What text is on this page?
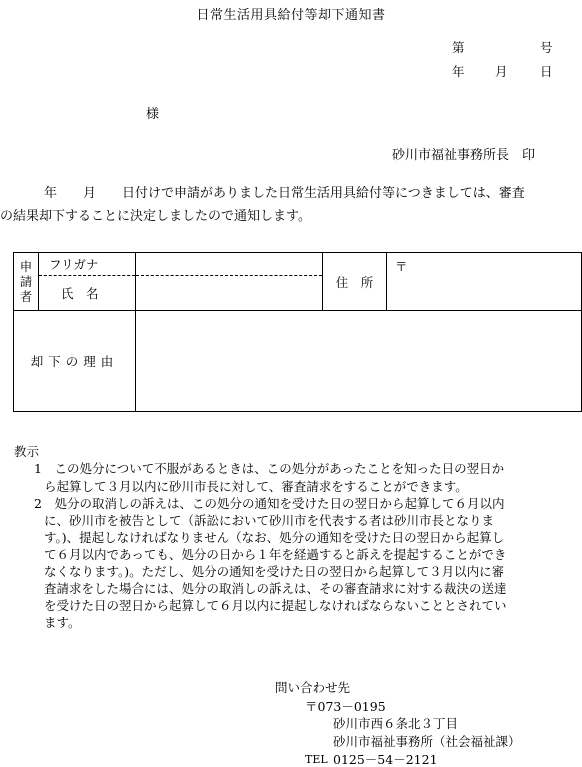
日常生活用具給付等却下通知書
第	号
年 月	日
様
砂川市福祉事務所長　印
年 月 日付けで申請がありました日常生活用具給付等につきましては、審査
の結果却下することに決定しましたので通知します。
申請者	フリガナ		住　所	〒
	氏　名			
却下の理由				
教示
1　 この処分について不服があるときは、この処分があったことを知った日の翌日か
ら起算して３月以内に砂川市長に対して、審査請求をすることができます。
2　 処分の取消しの訴えは、この処分の通知を受けた日の翌日から起算して６月以内
に、砂川市を被告として（訴訟において砂川市を代表する者は砂川市長となりま
す。)、提起しなければなりません（なお、処分の通知を受けた日の翌日から起算し
て６月以内であっても、処分の日から１年を経過すると訴えを提起することができ
なくなります。)。ただし、処分の通知を受けた日の翌日から起算して３月以内に審
査請求をした場合には、処分の取消しの訴えは、その審査請求に対する裁決の送達
を受けた日の翌日から起算して６月以内に提起しなければならないこととされてい
ます。
問い合わせ先
〒073－0195
砂川市西６条北３丁目
砂川市福祉事務所（社会福祉課）
TEL 0125－54－2121
